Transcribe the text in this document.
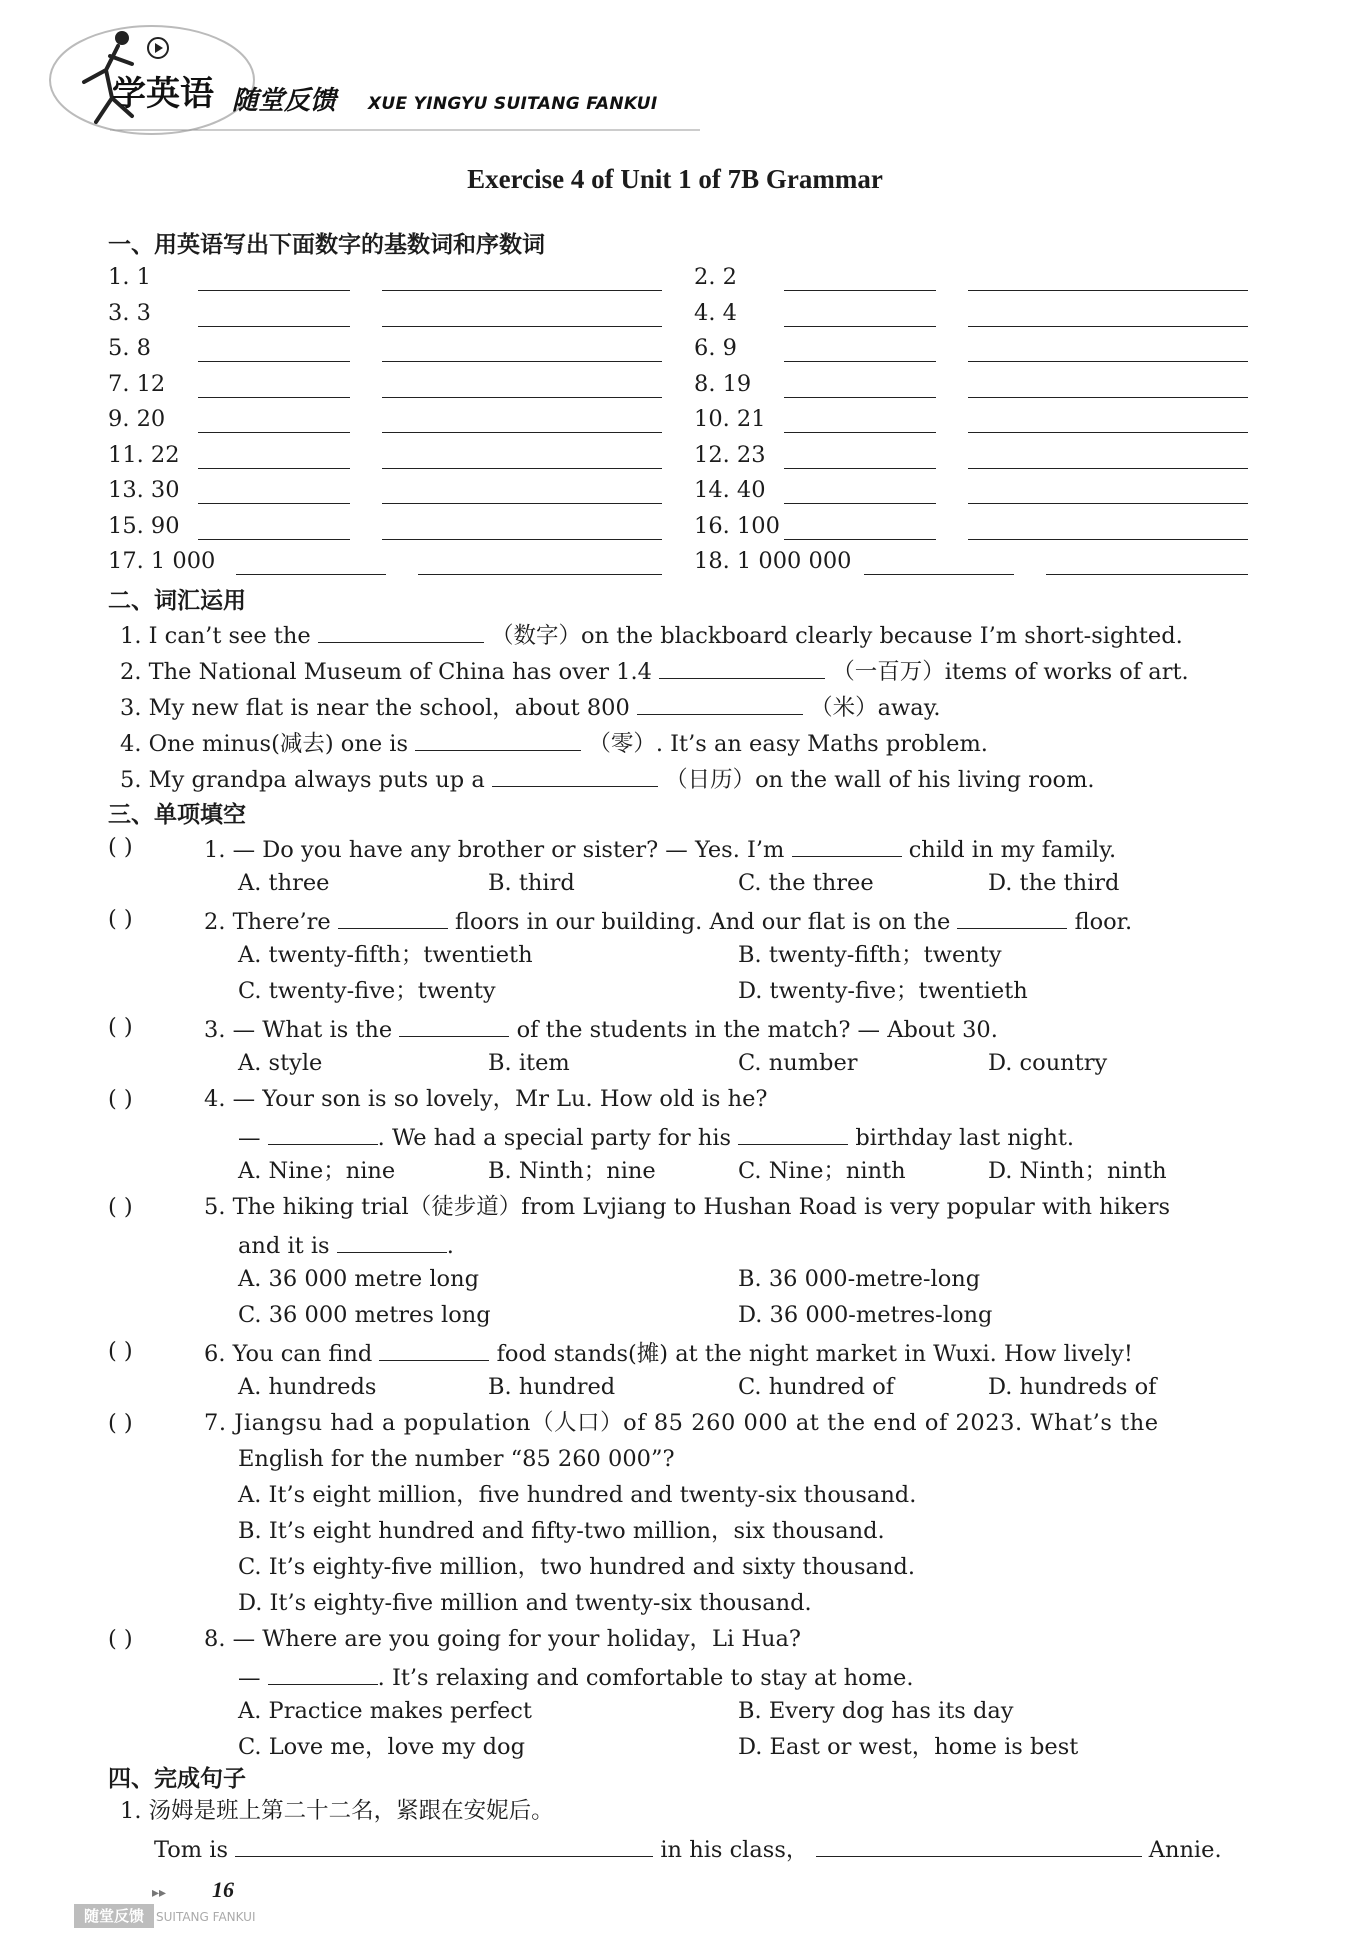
学英语 随堂反馈 XUE YINGYU SUITANG FANKUI
Exercise 4 of Unit 1 of 7B Grammar
一、用英语写出下面数字的基数词和序数词
1. 1	2. 2
3. 3	4. 4
5. 8	6. 9
7. 12	8. 19
9. 20	10. 21
11. 22	12. 23
13. 30	14. 40
15. 90	16. 100
17. 1 000	18. 1 000 000
二、词汇运用
1. I can’t see the	（数字）on the blackboard clearly because I’m short-sighted.
2. The National Museum of China has over 1.4	（一百万）items of works of art.
3. My new flat is near the school，about 800	（米）away.
4. One minus(减去) one is	（零）. It’s an easy Maths problem.
5. My grandpa always puts up a	（日历）on the wall of his living room.
三、单项填空
( )	1. — Do you have any brother or sister? — Yes. I’m	child in my family.
A. three	B. third	C. the three	D. the third
( )	2. There’re	floors in our building. And our flat is on the	floor.
A. twenty-fifth；twentieth	B. twenty-fifth；twenty
C. twenty-five；twenty	D. twenty-five；twentieth
( )	3. — What is the	of the students in the match? — About 30.
A. style	B. item	C. number	D. country
( )	4. — Your son is so lovely，Mr Lu. How old is he?
—	. We had a special party for his	birthday last night.
A. Nine；nine	B. Ninth；nine	C. Nine；ninth	D. Ninth；ninth
( )	5. The hiking trial（徒步道）from Lvjiang to Hushan Road is very popular with hikers
and it is	.
A. 36 000 metre long	B. 36 000-metre-long
C. 36 000 metres long	D. 36 000-metres-long
( )	6. You can find	food stands(摊) at the night market in Wuxi. How lively!
A. hundreds	B. hundred	C. hundred of	D. hundreds of
( )	7. Jiangsu had a population（人口）of 85 260 000 at the end of 2023. What’s the
English for the number “85 260 000”?
A. It’s eight million，five hundred and twenty-six thousand.
B. It’s eight hundred and fifty-two million，six thousand.
C. It’s eighty-five million，two hundred and sixty thousand.
D. It’s eighty-five million and twenty-six thousand.
( )	8. — Where are you going for your holiday，Li Hua?
—	. It’s relaxing and comfortable to stay at home.
A. Practice makes perfect	B. Every dog has its day
C. Love me，love my dog	D. East or west，home is best
四、完成句子
1. 汤姆是班上第二十二名，紧跟在安妮后。
Tom is	in his class，	Annie.
▸▸ 16
随堂反馈	SUITANG FANKUI
